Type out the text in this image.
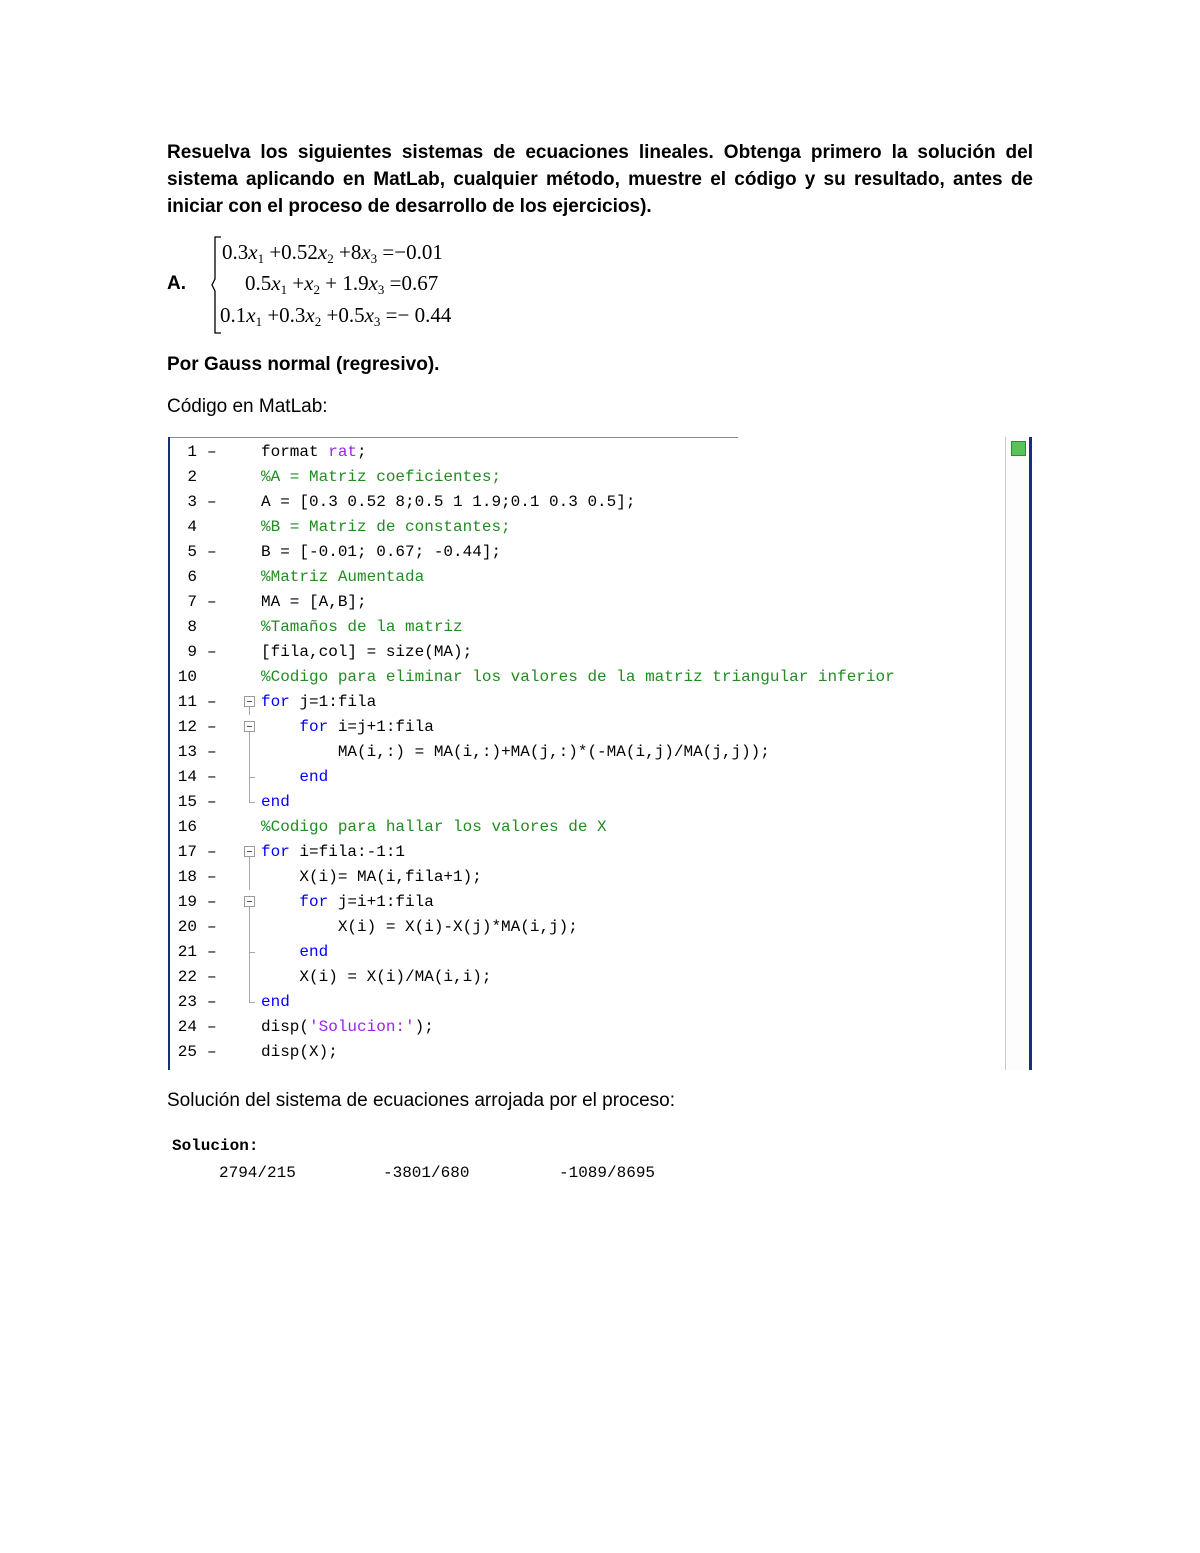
Resuelva los siguientes sistemas de ecuaciones lineales. Obtenga primero la solución del sistema aplicando en MatLab, cualquier método, muestre el código y su resultado, antes de iniciar con el proceso de desarrollo de los ejercicios).

A.
$0.3x_1 +0.52x_2 +8x_3 =-0.01$
$0.5x_1 +x_2 + 1.9x_3 =0.67$
$0.1x_1 +0.3x_2 +0.5x_3 =- 0.44$
Por Gauss normal (regresivo).
Código en MatLab:
1 –	format rat;
2	%A = Matriz coeficientes;
3 –	A = [0.3 0.52 8;0.5 1 1.9;0.1 0.3 0.5];
4	%B = Matriz de constantes;
5 –	B = [-0.01; 0.67; -0.44];
6	%Matriz Aumentada
7 –	MA = [A,B];
8	%Tamaños de la matriz
9 –	[fila,col] = size(MA);
10	%Codigo para eliminar los valores de la matriz triangular inferior
11 –	for j=1:fila
12 –	for i=j+1:fila
13 –	MA(i,:) = MA(i,:)+MA(j,:)*(-MA(i,j)/MA(j,j));
14 –	end
15 –	end
16	%Codigo para hallar los valores de X
17 –	for i=fila:-1:1
18 –	X(i)= MA(i,fila+1);
19 –	for j=i+1:fila
20 –	X(i) = X(i)-X(j)*MA(i,j);
21 –	end
22 –	X(i) = X(i)/MA(i,i);
23 –	end
24 –	disp('Solucion:');
25 –	disp(X);
Solución del sistema de ecuaciones arrojada por el proceso:
Solucion:
2794/215	-3801/680	-1089/8695
